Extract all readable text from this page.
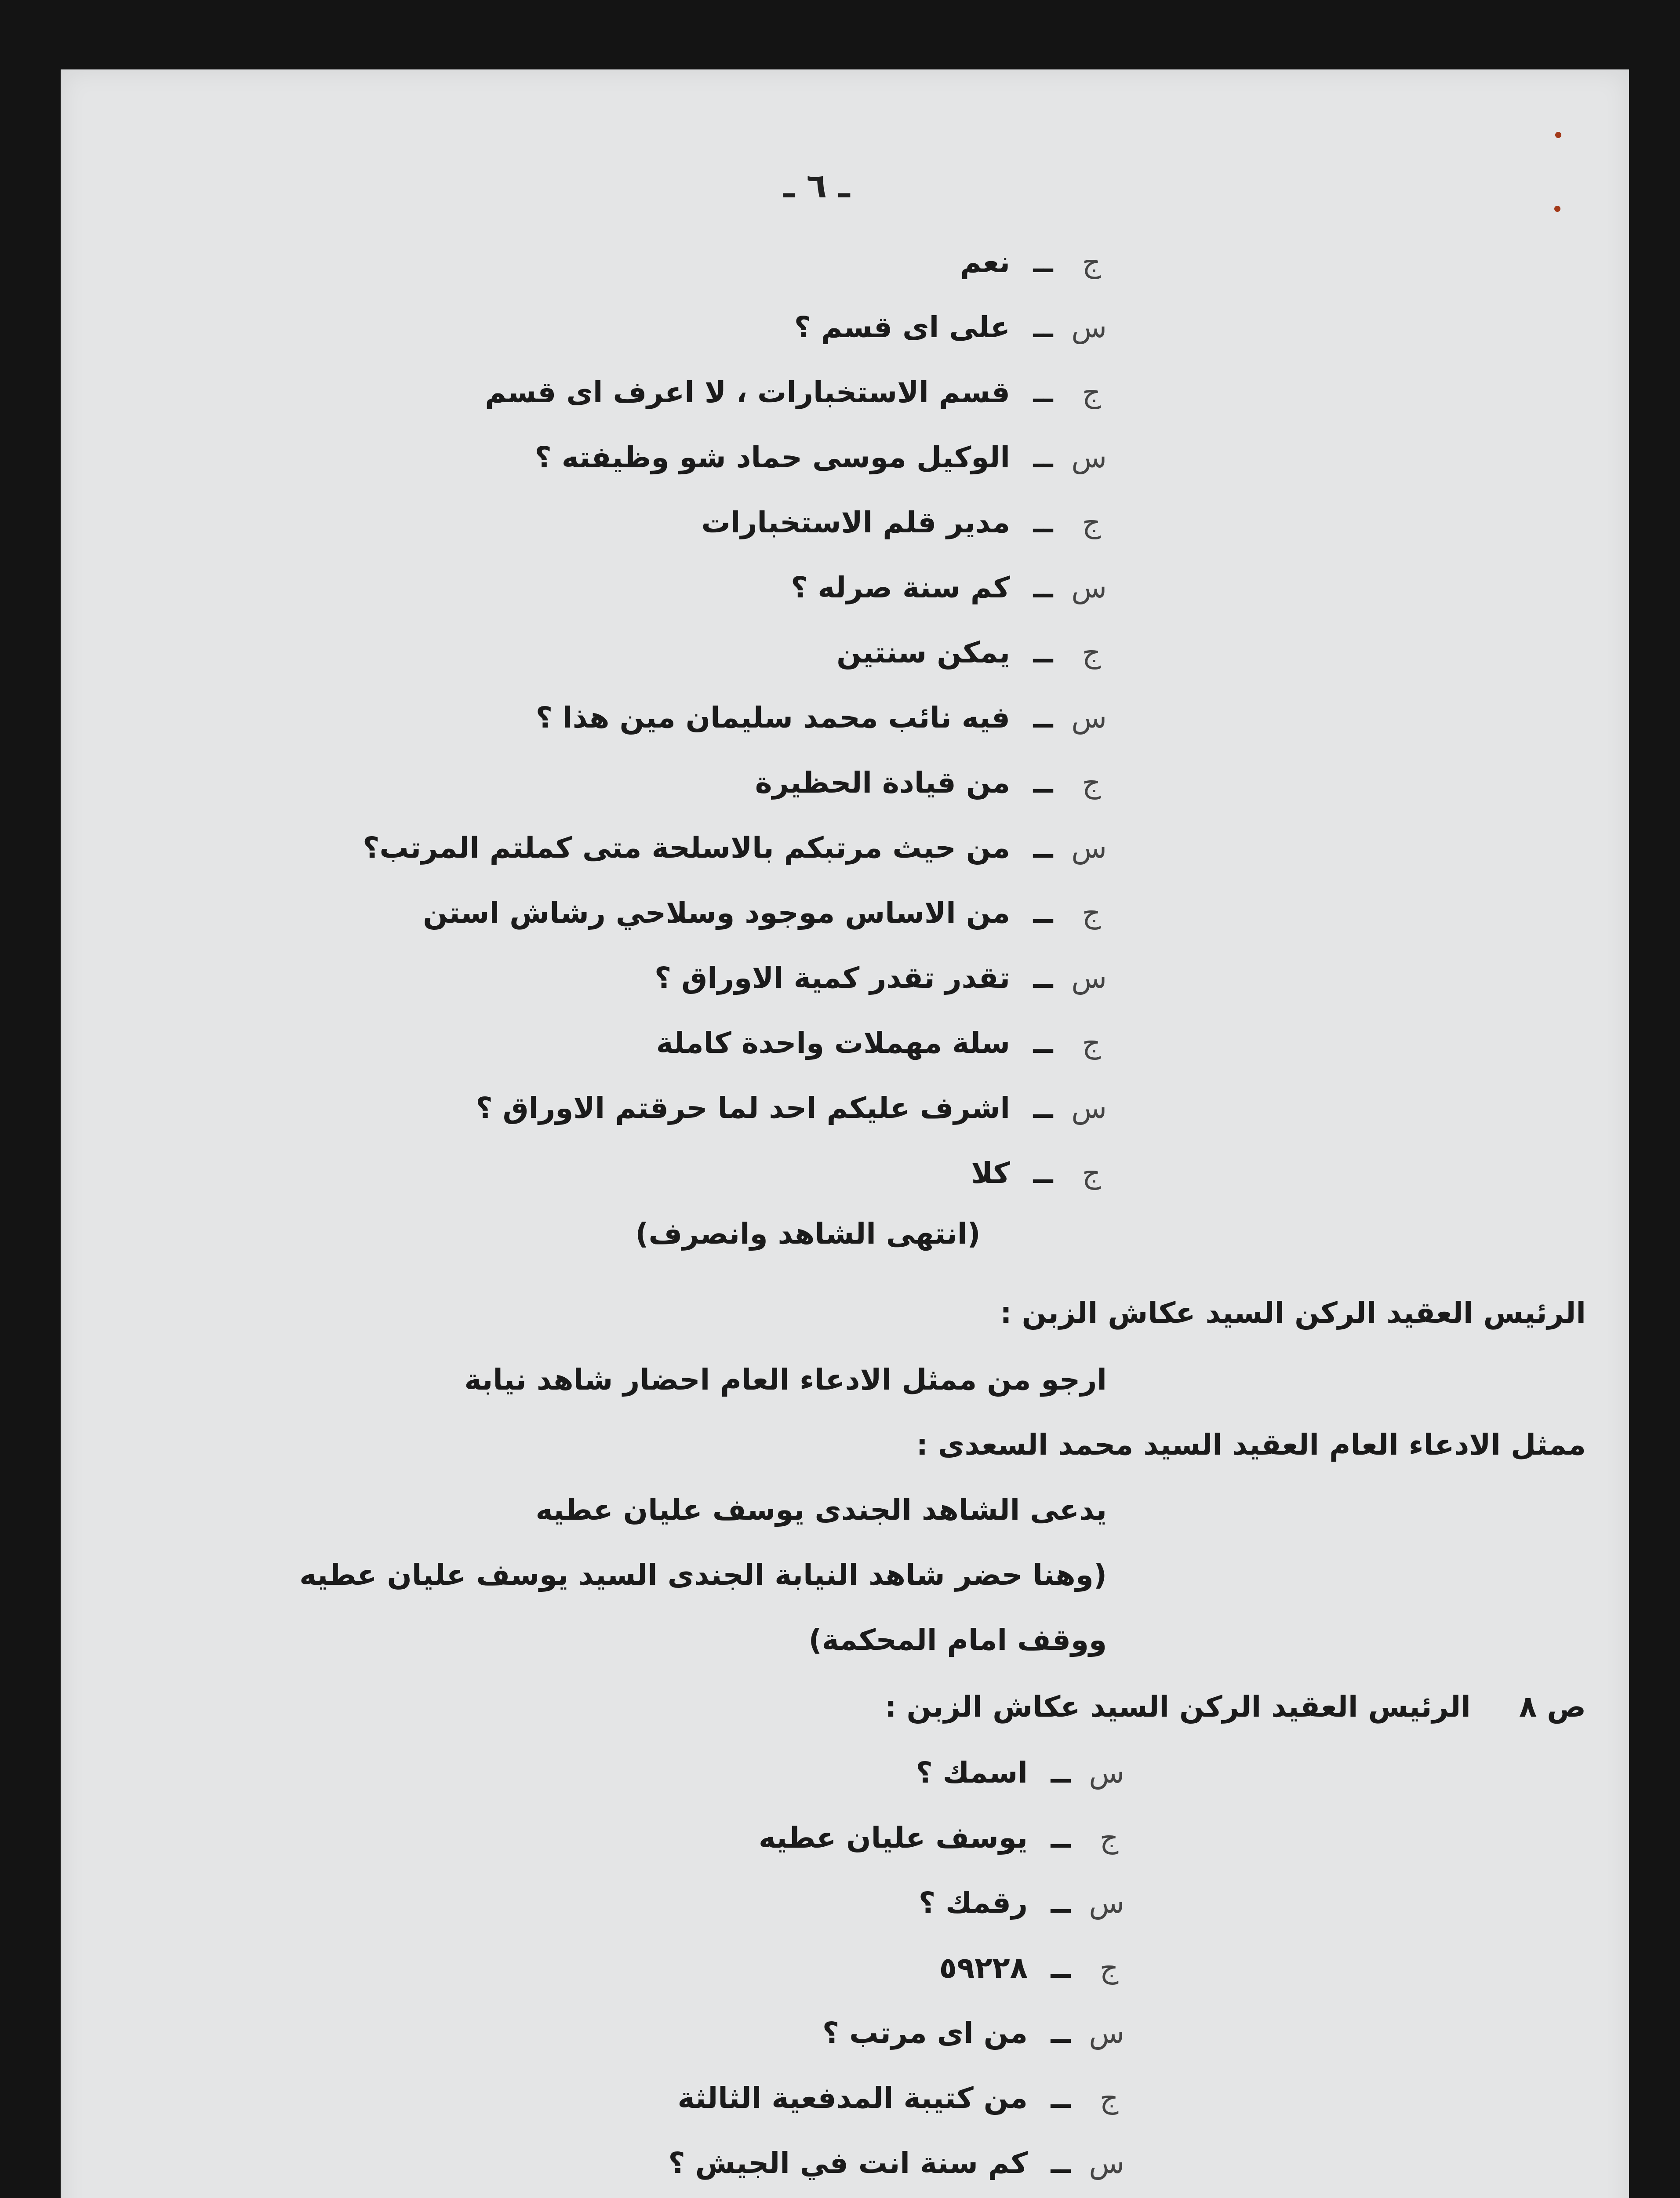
ـ ٦ ـ
جــنعم
ســعلى اى قسم ؟
جــقسم الاستخبارات ، لا اعرف اى قسم
ســالوكيل موسى حماد شو وظيفته ؟
جــمدير قلم الاستخبارات
ســكم سنة صرله ؟
جــيمكن سنتين
ســفيه نائب محمد سليمان مين هذا ؟
جــمن قيادة الحظيرة
ســمن حيث مرتبكم بالاسلحة متى كملتم المرتب؟
جــمن الاساس موجود وسلاحي رشاش استن
ســتقدر تقدر كمية الاوراق ؟
جــسلة مهملات واحدة كاملة
ســاشرف عليكم احد لما حرقتم الاوراق ؟
جــكلا
(انتهى الشاهد وانصرف)
الرئيس العقيد الركن السيد عكاش الزبن :
ارجو من ممثل الادعاء العام احضار شاهد نيابة
ممثل الادعاء العام العقيد السيد محمد السعدى :
يدعى الشاهد الجندى يوسف عليان عطيه
(وهنا حضر شاهد النيابة الجندى السيد يوسف عليان عطيه
ووقف امام المحكمة)
ص ٨الرئيس العقيد الركن السيد عكاش الزبن :
ســاسمك ؟
جــيوسف عليان عطيه
ســرقمك ؟
جــ٥٩٢٢٨
ســمن اى مرتب ؟
جــمن كتيبة المدفعية الثالثة
ســكم سنة انت في الجيش ؟
